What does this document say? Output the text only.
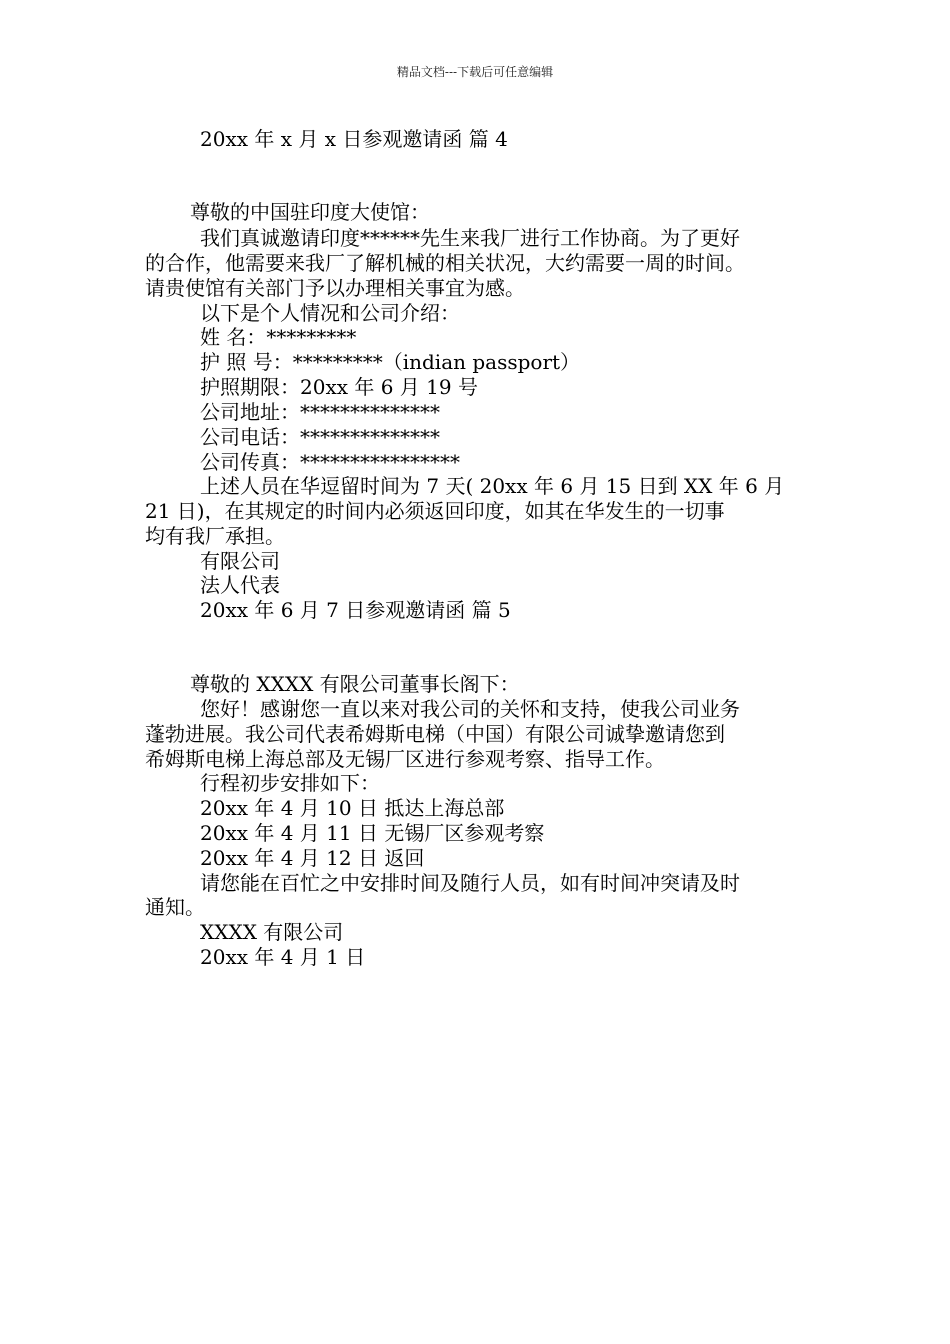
精品文档---下载后可任意编辑
20xx 年 x 月 x 日参观邀请函 篇 4
尊敬的中国驻印度大使馆：
我们真诚邀请印度******先生来我厂进行工作协商。为了更好
的合作，他需要来我厂了解机械的相关状况，大约需要一周的时间。
请贵使馆有关部门予以办理相关事宜为感。
以下是个人情况和公司介绍：
姓 名：*********
护 照 号：*********（indian passport）
护照期限：20xx 年 6 月 19 号
公司地址：**************
公司电话：**************
公司传真：****************
上述人员在华逗留时间为 7 天( 20xx 年 6 月 15 日到 XX 年 6 月
21 日)，在其规定的时间内必须返回印度，如其在华发生的一切事
均有我厂承担。
有限公司
法人代表
20xx 年 6 月 7 日参观邀请函 篇 5
尊敬的 XXXX 有限公司董事长阁下：
您好！感谢您一直以来对我公司的关怀和支持，使我公司业务
蓬勃进展。我公司代表希姆斯电梯（中国）有限公司诚挚邀请您到
希姆斯电梯上海总部及无锡厂区进行参观考察、指导工作。
行程初步安排如下：
20xx 年 4 月 10 日 抵达上海总部
20xx 年 4 月 11 日 无锡厂区参观考察
20xx 年 4 月 12 日 返回
请您能在百忙之中安排时间及随行人员，如有时间冲突请及时
通知。
XXXX 有限公司
20xx 年 4 月 1 日
